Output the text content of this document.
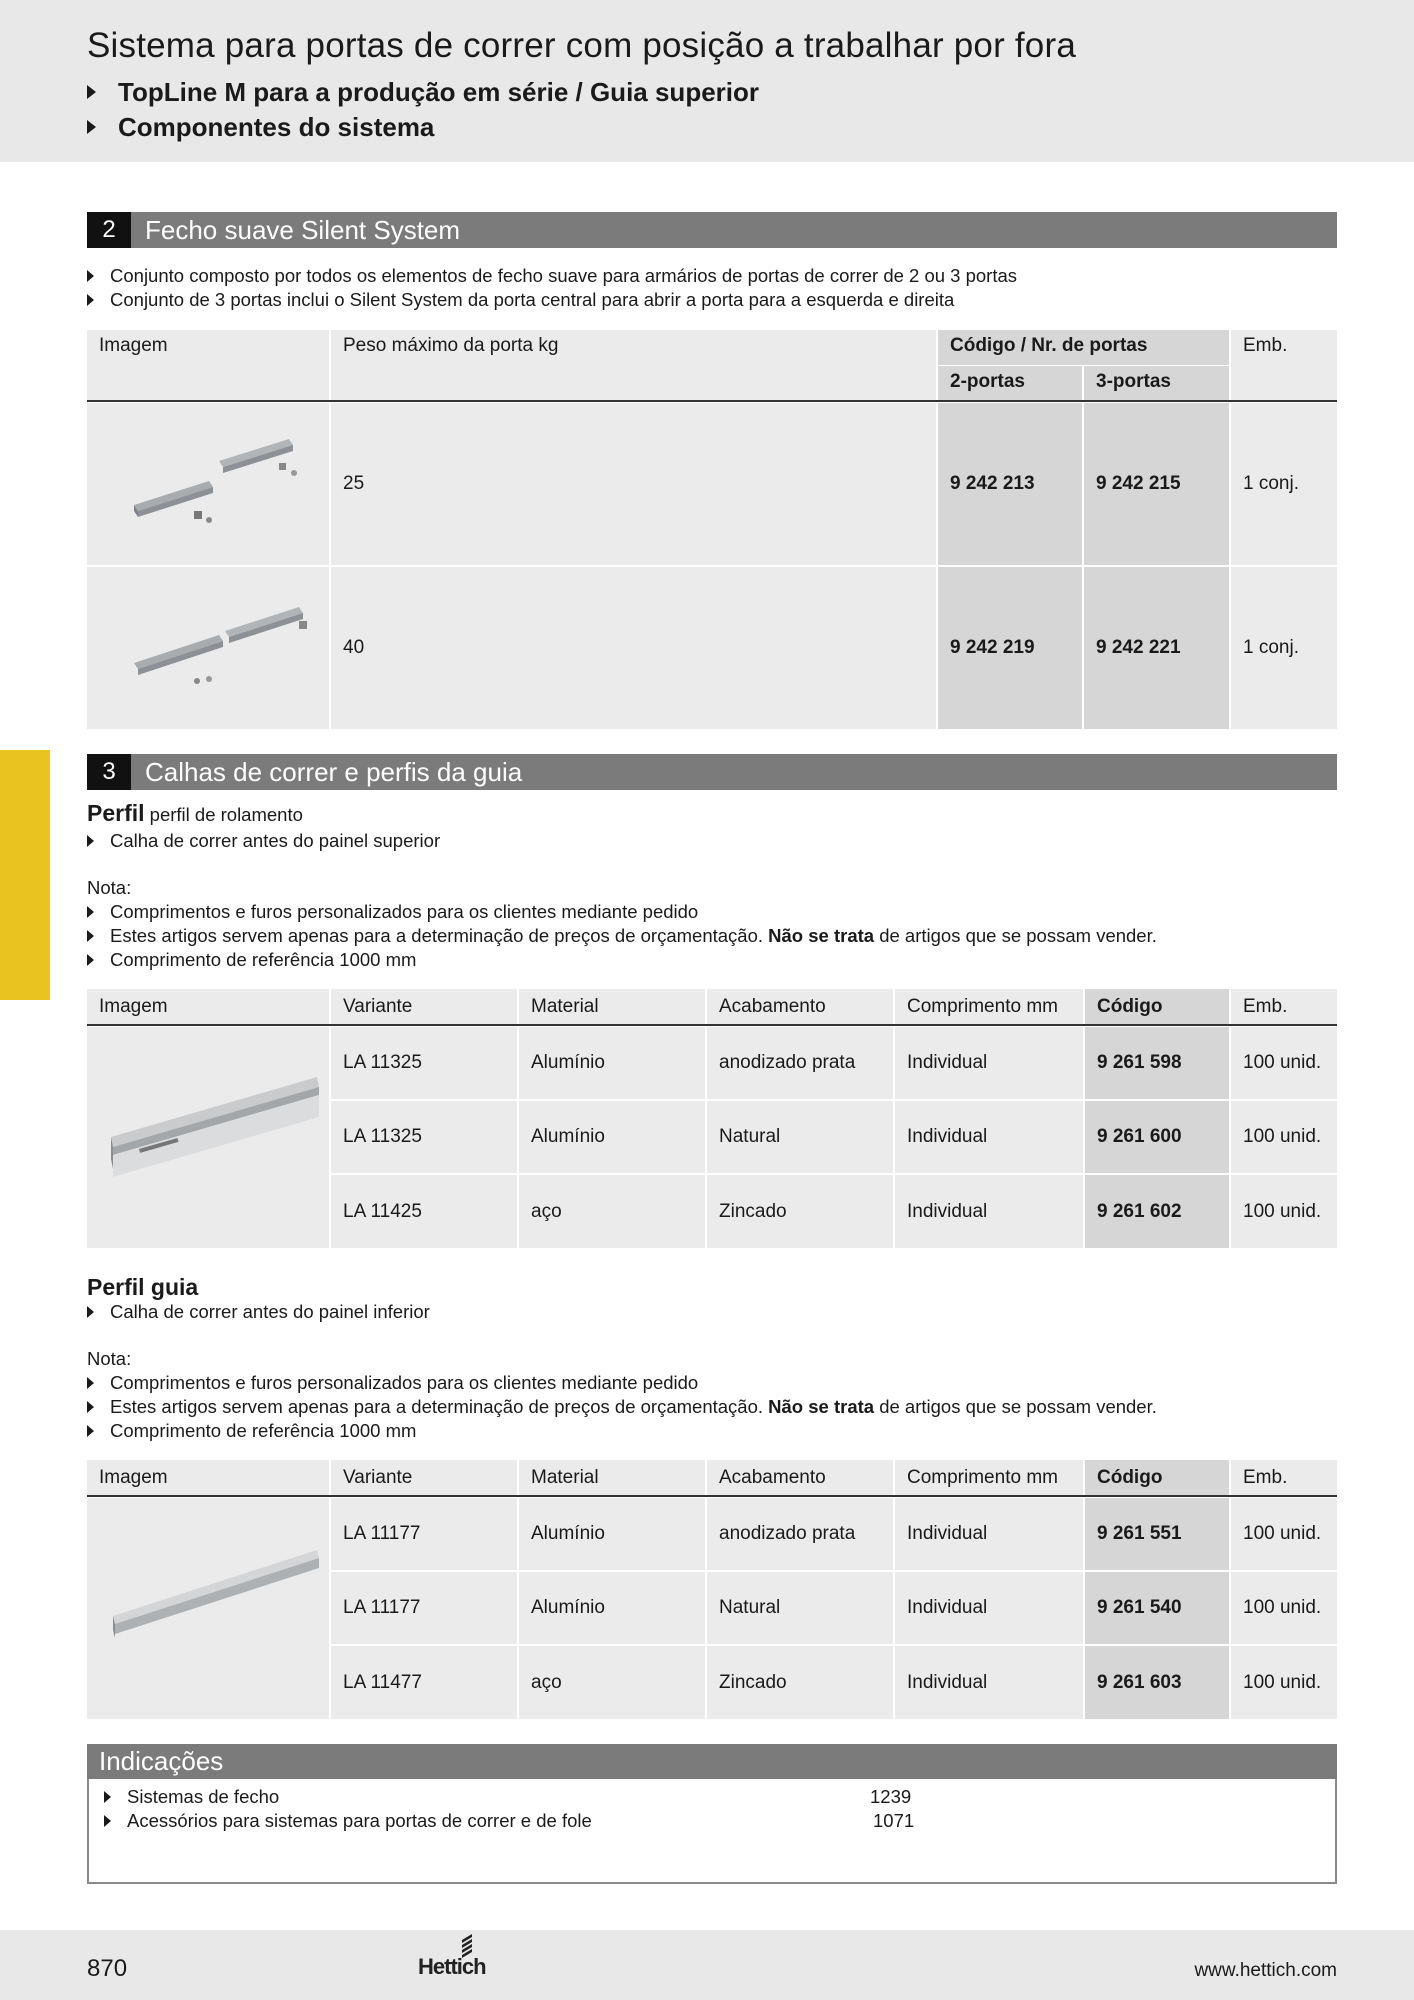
Sistema para portas de correr com posição a trabalhar por fora
TopLine M para a produção em série / Guia superior
Componentes do sistema
2	Fecho suave Silent System
Conjunto composto por todos os elementos de fecho suave para armários de portas de correr de 2 ou 3 portas
Conjunto de 3 portas inclui o Silent System da porta central para abrir a porta para a esquerda e direita
Imagem	Peso máximo da porta kg	Código / Nr. de portas
2-portas	3-portas
Emb.
25	9 242 213	9 242 215	1 conj.
40	9 242 219	9 242 221	1 conj.
3	Calhas de correr e perfis da guia
Perfil perfil de rolamento
Calha de correr antes do painel superior
Nota:
Comprimentos e furos personalizados para os clientes mediante pedido
Estes artigos servem apenas para a determinação de preços de orçamentação. Não se trata de artigos que se possam vender.
Comprimento de referência 1000 mm
Imagem	Variante	Material	Acabamento	Comprimento mm	Código	Emb.
LA 11325	Alumínio	anodizado prata	Individual	9 261 598	100 unid.
LA 11325	Alumínio	Natural	Individual	9 261 600	100 unid.
LA 11425	aço	Zincado	Individual	9 261 602	100 unid.
Perfil guia
Calha de correr antes do painel inferior
Nota:
Comprimentos e furos personalizados para os clientes mediante pedido
Estes artigos servem apenas para a determinação de preços de orçamentação. Não se trata de artigos que se possam vender.
Comprimento de referência 1000 mm
Imagem	Variante	Material	Acabamento	Comprimento mm	Código	Emb.
LA 11177	Alumínio	anodizado prata	Individual	9 261 551	100 unid.
LA 11177	Alumínio	Natural	Individual	9 261 540	100 unid.
LA 11477	aço	Zincado	Individual	9 261 603	100 unid.
Indicações
Sistemas de fecho	1239
Acessórios para sistemas para portas de correr e de fole	1071
870	Hettich	www.hettich.com
